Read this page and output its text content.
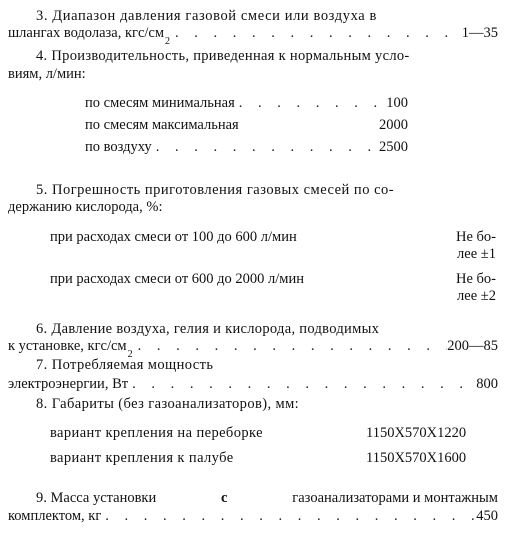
3. Диапазон давления газовой смеси или воздуха в
шлангах водолаза, кгс/см
2
. . .
1—35
4. Производительность, приведенная к нормальным усло-
виям, л/мин:
по смесям минимальная . . .	100
по смесям максимальная	2000
по воздуху . . .	2500
5. Погрешность приготовления газовых смесей по со-
держанию кислорода, %:
при расходах смеси от 100 до 600 л/мин	Не бо-
лее ±1
при расходах смеси от 600 до 2000 л/мин	Не бо-
лее ±2
6. Давление воздуха, гелия и кислорода, подводимых
к установке, кгс/см
2
. . .
200—85
7. Потребляемая мощность
электроэнергии, Вт . . .	800
8. Габариты (без газоанализаторов), мм:
вариант крепления на переборке	1150X570X1220
вариант крепления к палубе	1150X570X1600
9. Масса установки	с	газоанализаторами и монтажным
комплектом, кг . . .	450
